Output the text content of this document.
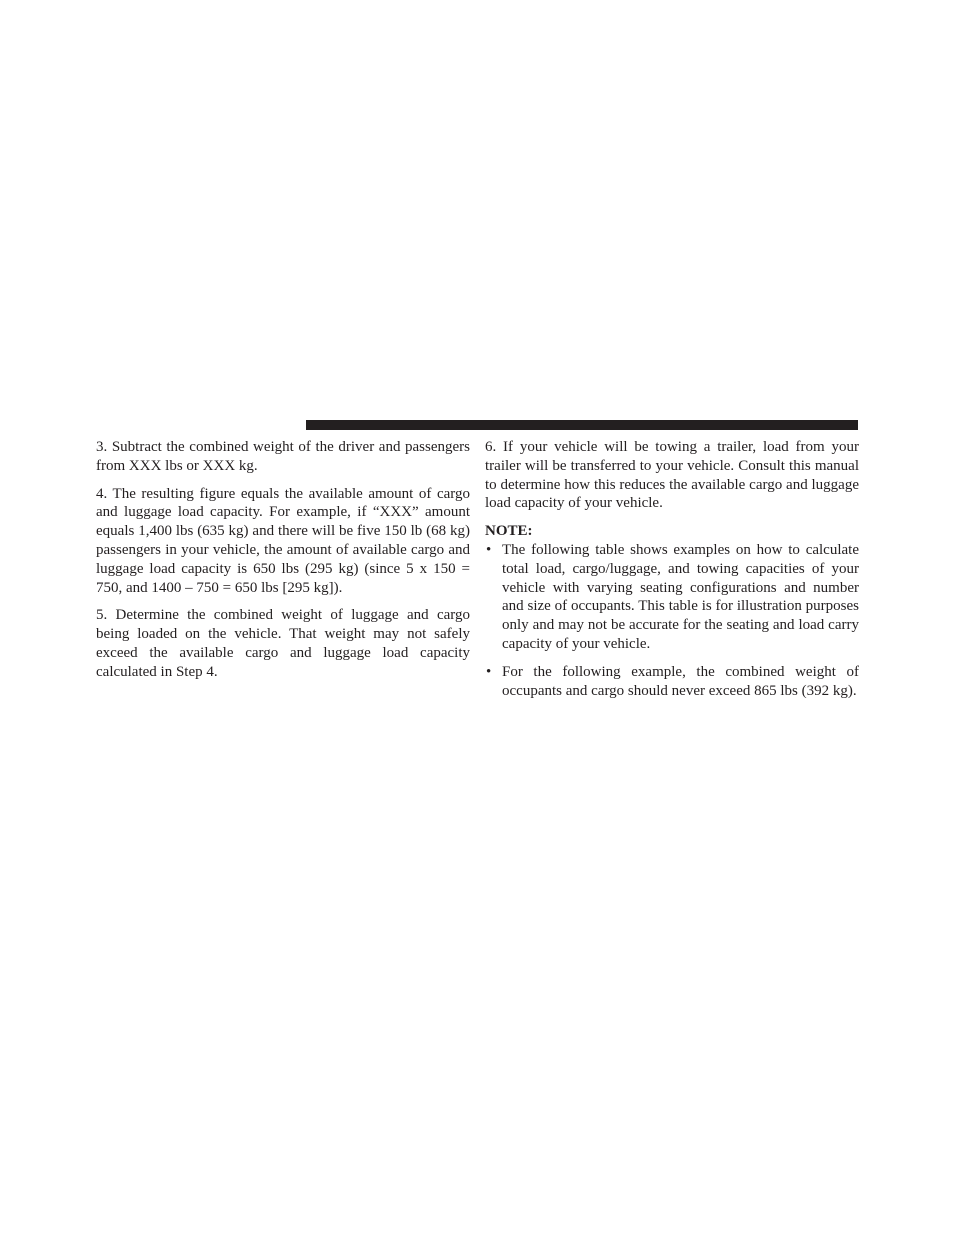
3. Subtract the combined weight of the driver and passengers from XXX lbs or XXX kg.

4. The resulting figure equals the available amount of cargo and luggage load capacity. For example, if “XXX” amount equals 1,400 lbs (635 kg) and there will be five 150 lb (68 kg) passengers in your vehicle, the amount of available cargo and luggage load capacity is 650 lbs (295 kg) (since 5 x 150 = 750, and 1400 – 750 = 650 lbs [295 kg]).

5. Determine the combined weight of luggage and cargo being loaded on the vehicle. That weight may not safely exceed the available cargo and luggage load capacity calculated in Step 4.

6. If your vehicle will be towing a trailer, load from your trailer will be transferred to your vehicle. Consult this manual to determine how this reduces the available cargo and luggage load capacity of your vehicle.

NOTE:

• The following table shows examples on how to calculate total load, cargo/luggage, and towing capacities of your vehicle with varying seating configurations and number and size of occupants. This table is for illustration purposes only and may not be accurate for the seating and load carry capacity of your vehicle.
• For the following example, the combined weight of occupants and cargo should never exceed 865 lbs (392 kg).
